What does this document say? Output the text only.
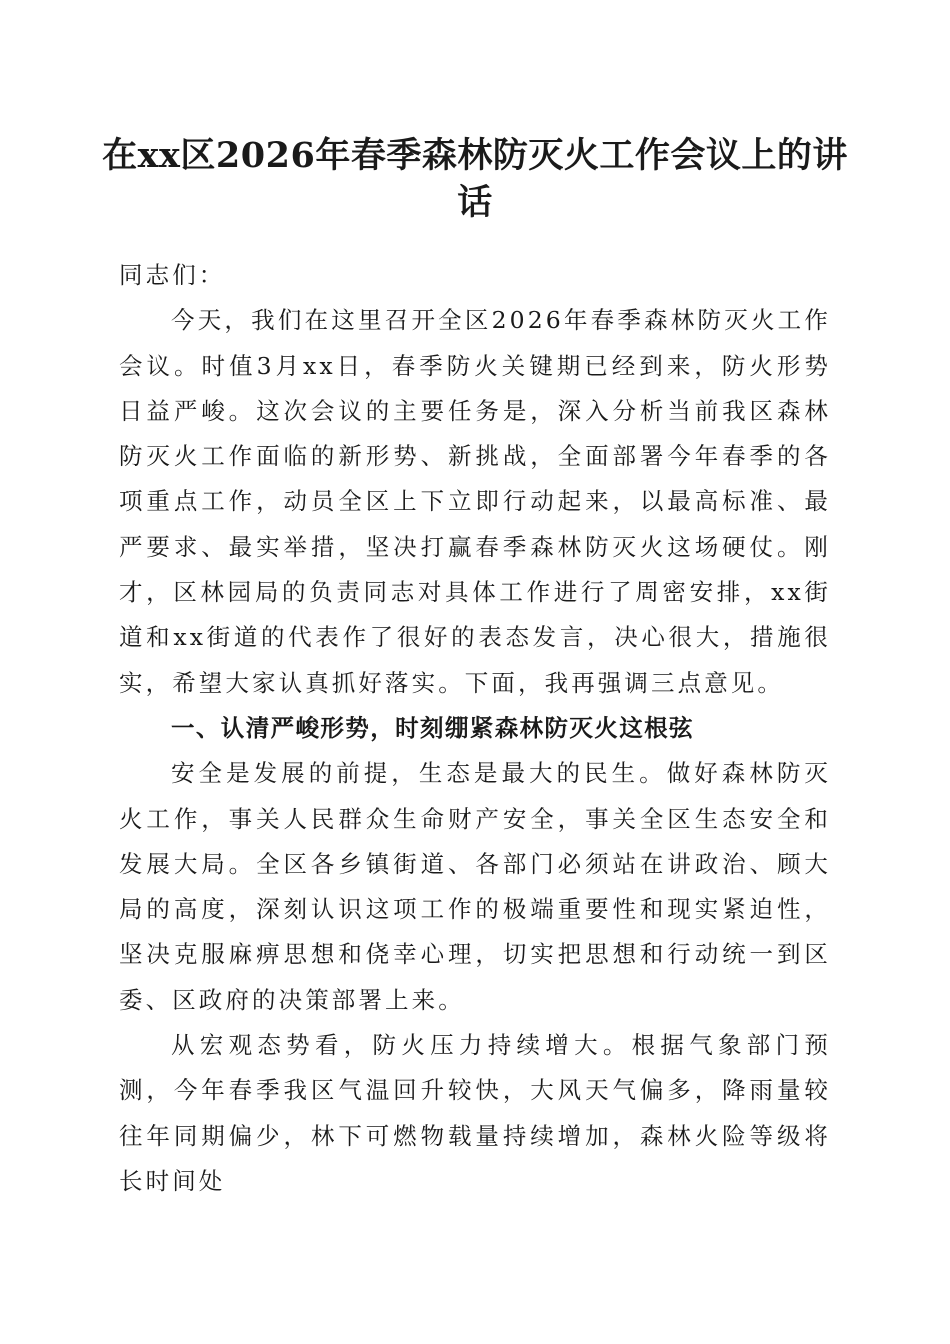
在xx区2026年春季森林防灭火工作会议上的讲话

同志们：

今天，我们在这里召开全区2026年春季森林防灭火工作会议。时值3月xx日，春季防火关键期已经到来，防火形势日益严峻。这次会议的主要任务是，深入分析当前我区森林防灭火工作面临的新形势、新挑战，全面部署今年春季的各项重点工作，动员全区上下立即行动起来，以最高标准、最严要求、最实举措，坚决打赢春季森林防灭火这场硬仗。刚才，区林园局的负责同志对具体工作进行了周密安排，xx街道和xx街道的代表作了很好的表态发言，决心很大，措施很实，希望大家认真抓好落实。下面，我再强调三点意见。

一、认清严峻形势，时刻绷紧森林防灭火这根弦

安全是发展的前提，生态是最大的民生。做好森林防灭火工作，事关人民群众生命财产安全，事关全区生态安全和发展大局。全区各乡镇街道、各部门必须站在讲政治、顾大局的高度，深刻认识这项工作的极端重要性和现实紧迫性，坚决克服麻痹思想和侥幸心理，切实把思想和行动统一到区委、区政府的决策部署上来。

从宏观态势看，防火压力持续增大。根据气象部门预测，今年春季我区气温回升较快，大风天气偏多，降雨量较往年同期偏少，林下可燃物载量持续增加，森林火险等级将长时间处
